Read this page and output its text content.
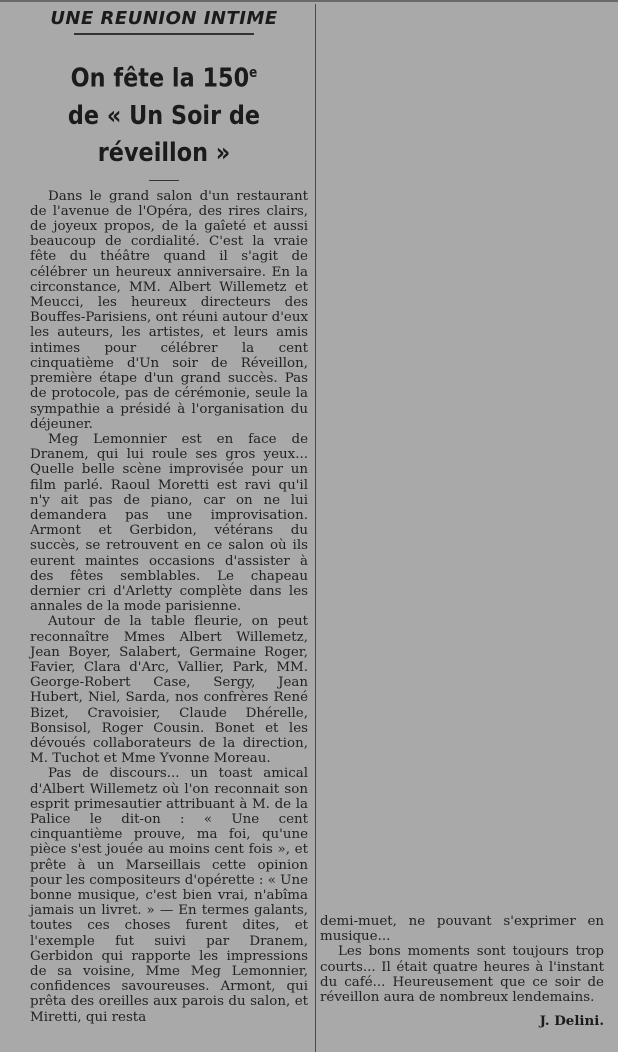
UNE REUNION INTIME
On fête la 150e
de « Un Soir de réveillon »

Dans le grand salon d'un restaurant de l'avenue de l'Opéra, des rires clairs, de joyeux propos, de la gaîeté et aussi beaucoup de cordialité. C'est la vraie fête du théâtre quand il s'agit de célébrer un heureux anniversaire. En la circonstance, MM. Albert Willemetz et Meucci, les heureux directeurs des Bouffes-Parisiens, ont réuni autour d'eux les auteurs, les artistes, et leurs amis intimes pour célébrer la cent cinquatième d'Un soir de Réveillon, première étape d'un grand succès. Pas de protocole, pas de cérémonie, seule la sympathie a présidé à l'organisation du déjeuner.

Meg Lemonnier est en face de Dranem, qui lui roule ses gros yeux... Quelle belle scène improvisée pour un film parlé. Raoul Moretti est ravi qu'il n'y ait pas de piano, car on ne lui demandera pas une improvisation. Armont et Gerbidon, vétérans du succès, se retrouvent en ce salon où ils eurent maintes occasions d'assister à des fêtes semblables. Le chapeau dernier cri d'Arletty complète dans les annales de la mode parisienne.

Autour de la table fleurie, on peut reconnaître Mmes Albert Willemetz, Jean Boyer, Salabert, Germaine Roger, Favier, Clara d'Arc, Vallier, Park, MM. George-Robert Case, Sergy, Jean Hubert, Niel, Sarda, nos confrères René Bizet, Cravoisier, Claude Dhérelle, Bonsisol, Roger Cousin. Bonet et les dévoués collaborateurs de la direction, M. Tuchot et Mme Yvonne Moreau.

Pas de discours... un toast amical d'Albert Willemetz où l'on reconnait son esprit primesautier attribuant à M. de la Palice le dit-on : « Une cent cinquantième prouve, ma foi, qu'une pièce s'est jouée au moins cent fois », et prête à un Marseillais cette opinion pour les compositeurs d'opérette : « Une bonne musique, c'est bien vrai, n'abîma jamais un livret. » — En termes galants, toutes ces choses furent dites, et l'exemple fut suivi par Dranem, Gerbidon qui rapporte les impressions de sa voisine, Mme Meg Lemonnier, confidences savoureuses. Armont, qui prêta des oreilles aux parois du salon, et Miretti, qui resta

demi-muet, ne pouvant s'exprimer en musique...

Les bons moments sont toujours trop courts... Il était quatre heures à l'instant du café... Heureusement que ce soir de réveillon aura de nombreux lendemains.

J. Delini.
